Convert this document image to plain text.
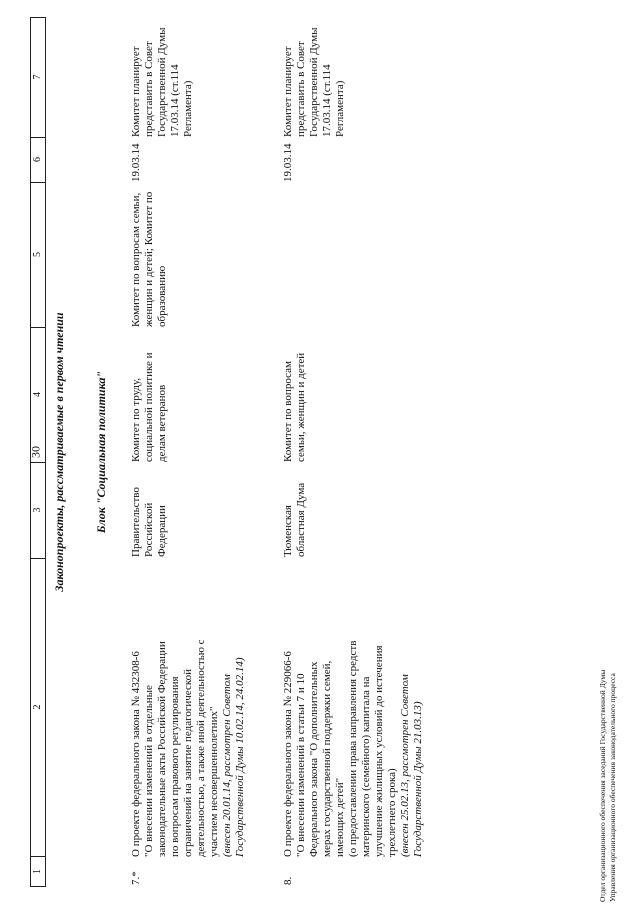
30
1
2
3
4
5
6
7
Законопроекты, рассматриваемые в первом чтении Блок "Социальная политика"
7.*
О проекте федерального закона № 432308-6 "О внесении изменений в отдельные законодательные акты Российской Федерации по вопросам правового регулирования ограничений на занятие педагогической деятельностью, а также иной деятельностью с участием несовершеннолетних" (внесен 20.01.14, рассмотрен Советом Государственной Думы 10.02.14, 24.02.14)
Правительство Российской Федерации
Комитет по труду, социальной политике и делам ветеранов
Комитет по вопросам семьи, женщин и детей; Комитет по образованию
19.03.14
Комитет планирует представить в Совет Государственной Думы 17.03.14 (ст.114 Регламента)
8.
О проекте федерального закона № 229066-6 "О внесении изменений в статьи 7 и 10 Федерального закона "О дополнительных мерах государственной поддержки семей, имеющих детей" (о предоставлении права направления средств материнского (семейного) капитала на улучшение жилищных условий до истечения трехлетнего срока) (внесен 25.02.13, рассмотрен Советом Государственной Думы 21.03.13)
Тюменская областная Дума
Комитет по вопросам семьи, женщин и детей
19.03.14
Комитет планирует представить в Совет Государственной Думы 17.03.14 (ст.114 Регламента)
Отдел организационного обеспечения заседаний Государственной Думы Управления организационного обеспечения законодательного процесса
